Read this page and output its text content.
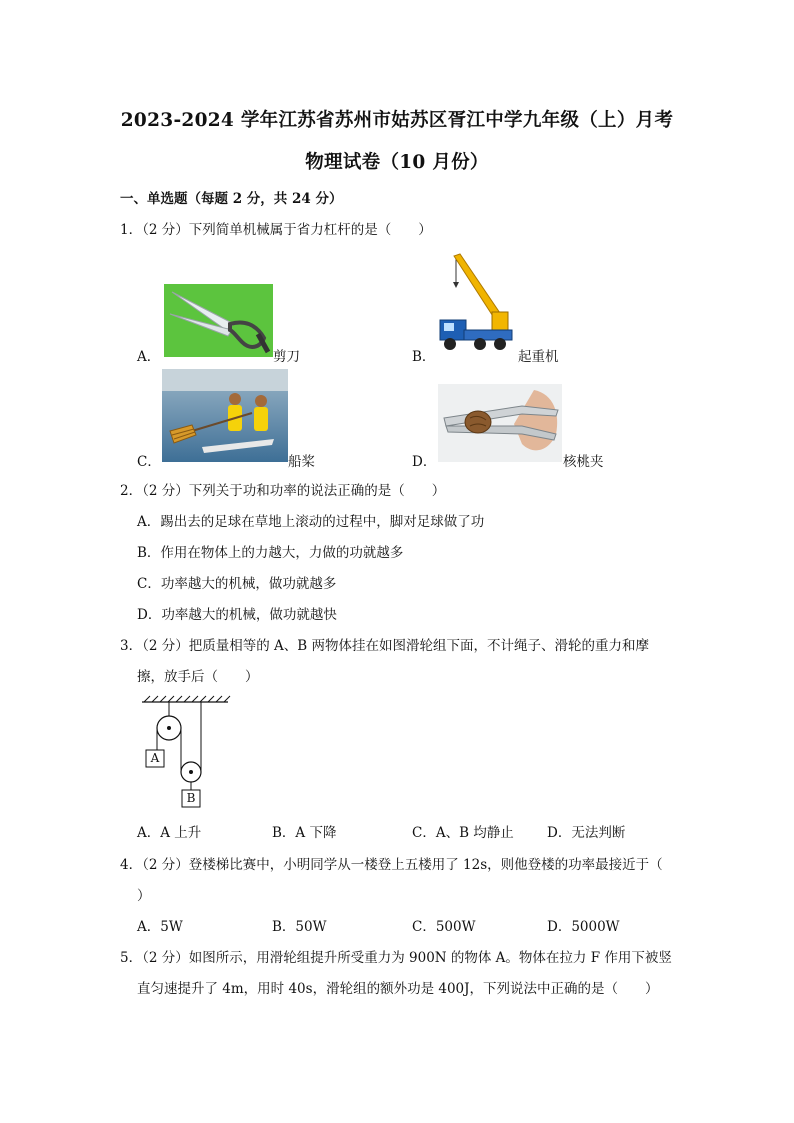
2023-2024 学年江苏省苏州市姑苏区胥江中学九年级（上）月考
物理试卷（10 月份）
一、单选题（每题 2 分，共 24 分）
1．（2 分）下列简单机械属于省力杠杆的是（　　）
A．	剪刀	B．	起重机
C．	船桨	D．	核桃夹
2．（2 分）下列关于功和功率的说法正确的是（　　）
A．踢出去的足球在草地上滚动的过程中，脚对足球做了功
B．作用在物体上的力越大，力做的功就越多
C．功率越大的机械，做功就越多
D．功率越大的机械，做功就越快
3．（2 分）把质量相等的 A、B 两物体挂在如图滑轮组下面，不计绳子、滑轮的重力和摩
擦，放手后（　　）
A
B
A．A 上升	B．A 下降	C．A、B 均静止 D．无法判断
4．（2 分）登楼梯比赛中，小明同学从一楼登上五楼用了 12s，则他登楼的功率最接近于（
）
A．5W	B．50W	C．500W	D．5000W
5．（2 分）如图所示，用滑轮组提升所受重力为 900N 的物体 A。物体在拉力 F 作用下被竖
直匀速提升了 4m，用时 40s，滑轮组的额外功是 400J，下列说法中正确的是（　　）
